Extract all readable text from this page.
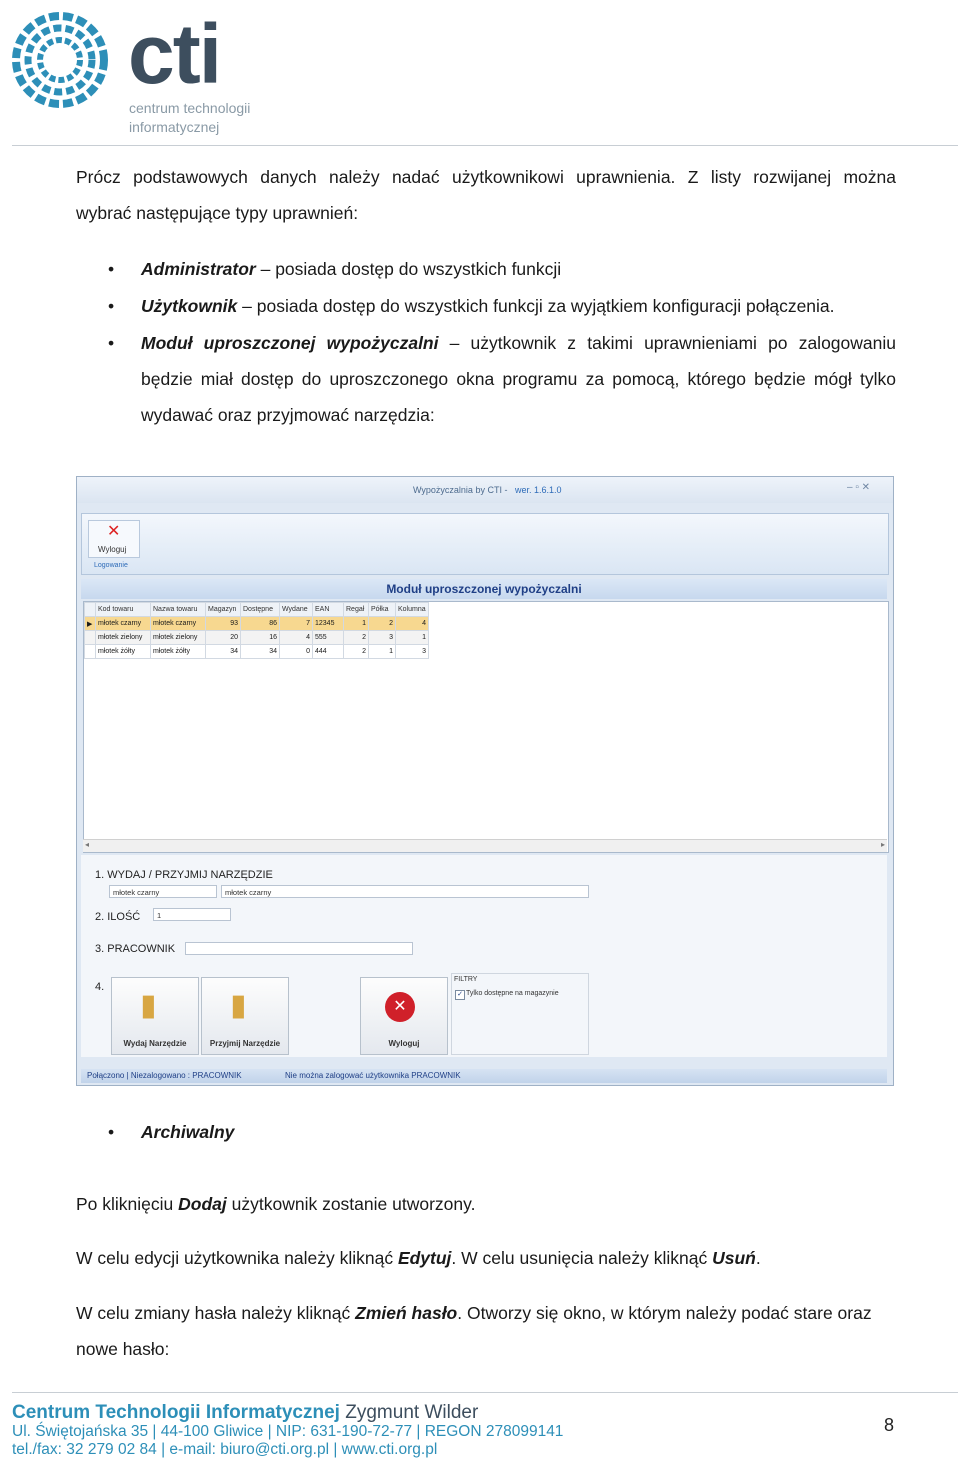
cti
centrum technologii
informatycznej
Prócz podstawowych danych należy nadać użytkownikowi uprawnienia. Z listy rozwijanej można
wybrać następujące typy uprawnień:
• Administrator – posiada dostęp do wszystkich funkcji
• Użytkownik – posiada dostęp do wszystkich funkcji za wyjątkiem konfiguracji połączenia.
• Moduł uproszczonej wypożyczalni – użytkownik z takimi uprawnieniami po zalogowaniu
będzie miał dostęp do uproszczonego okna programu za pomocą, którego będzie mógł tylko
wydawać oraz przyjmować narzędzia:
Wypożyczalnia by CTI - wer. 1.6.1.0	– ▫ ✕
✕
Wyloguj
Logowanie
Moduł uproszczonej wypożyczalni
	Kod towaru	Nazwa towaru	Magazyn	Dostępne	Wydane	EAN	Regał	Półka	Kolumna
▶	młotek czarny	młotek czarny	93	86	7	12345	1	2	4
	młotek zielony	młotek zielony	20	16	4	555	2	3	1
	młotek żółty	młotek żółty	34	34	0	444	2	1	3
◂	▸
1. WYDAJ / PRZYJMIJ NARZĘDZIE
młotek czarny	młotek czarny
2. ILOŚĆ	1
3. PRACOWNIK
4.
▮
Wydaj Narzędzie
▮
Przyjmij Narzędzie
✕
Wyloguj
FILTRY
✓ Tylko dostępne na magazynie
Połączono | Niezalogowano : PRACOWNIK	Nie można zalogować użytkownika PRACOWNIK
• Archiwalny
Po kliknięciu Dodaj użytkownik zostanie utworzony.
W celu edycji użytkownika należy kliknąć Edytuj. W celu usunięcia należy kliknąć Usuń.
W celu zmiany hasła należy kliknąć Zmień hasło. Otworzy się okno, w którym należy podać stare oraz
nowe hasło:
Centrum Technologii Informatycznej Zygmunt Wilder
Ul. Świętojańska 35 | 44-100 Gliwice | NIP: 631-190-72-77 | REGON 278099141
tel./fax: 32 279 02 84 | e-mail: biuro@cti.org.pl | www.cti.org.pl
8
